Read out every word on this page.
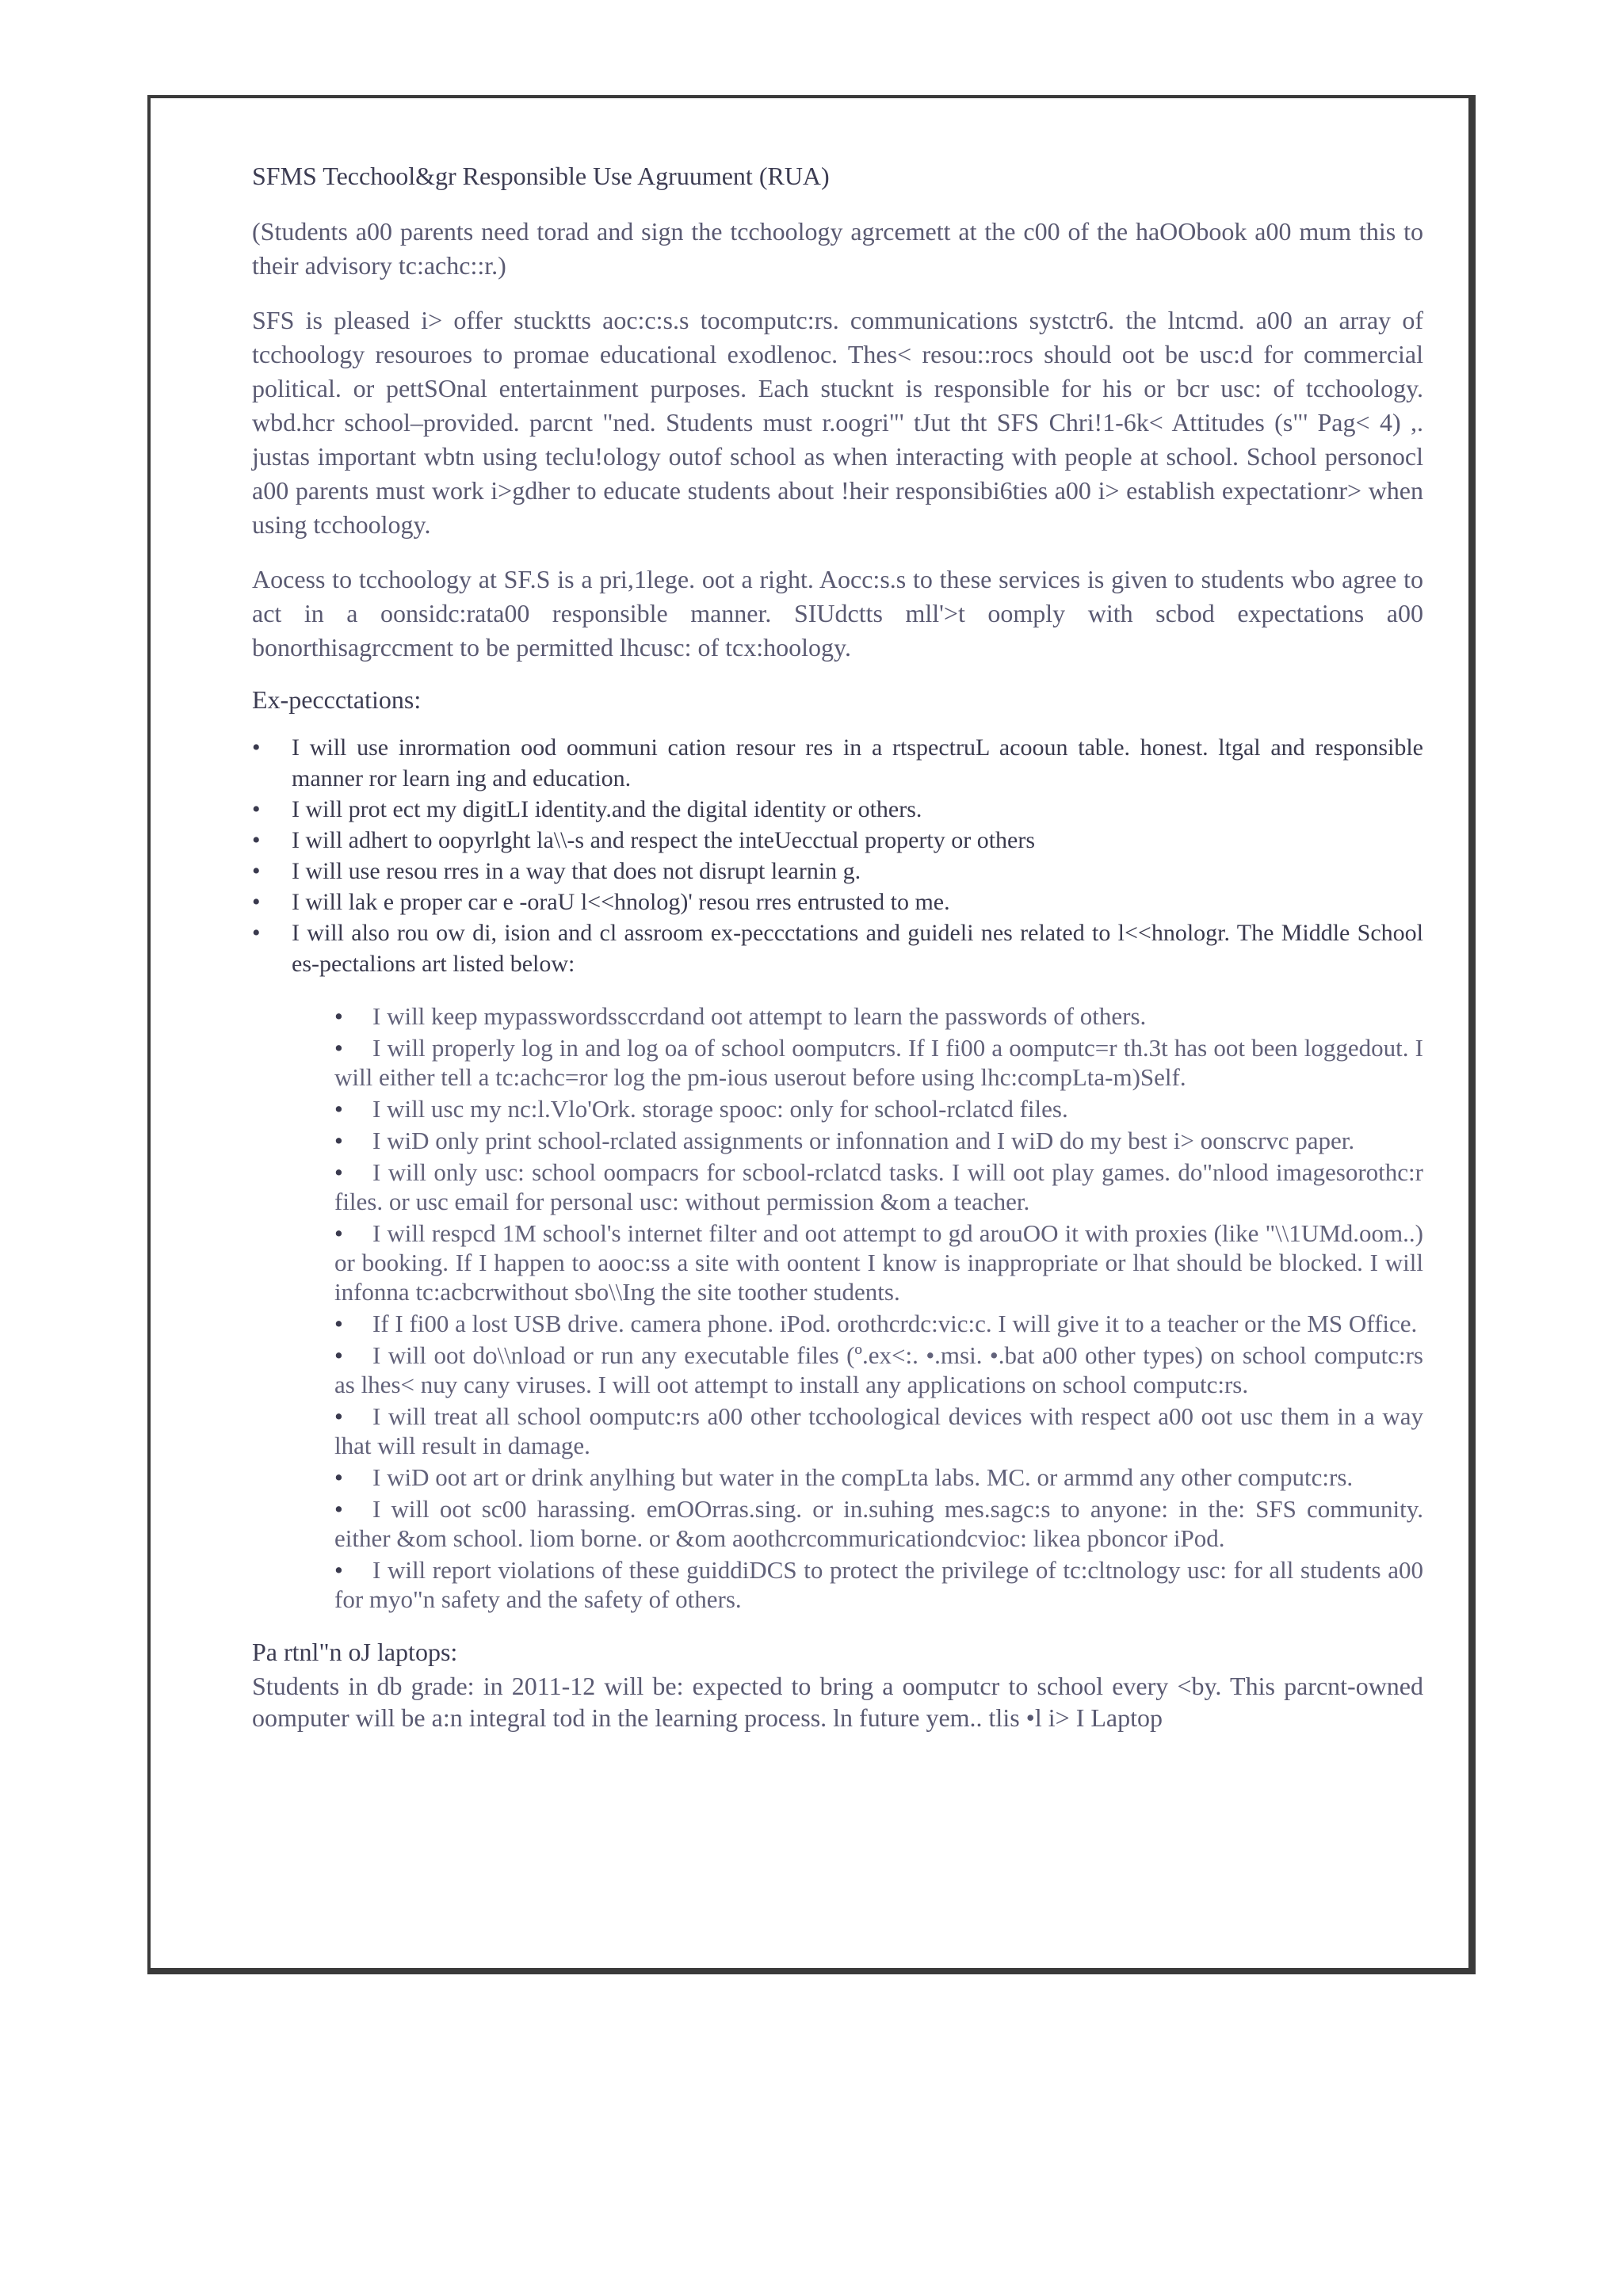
SFMS Tecchool&gr Responsible Use Agruument (RUA)

(Students a00 parents need torad and sign the tcchoology agrcemett at the c00 of the haOObook a00 mum this to their advisory tc:achc::r.)

SFS is pleased i> offer stucktts aoc:c:s.s tocomputc:rs. communications systctr6. the lntcmd. a00 an array of tcchoology resouroes to promae educational exodlenoc. Thes< resou::rocs should oot be usc:d for commercial political. or pettSOnal entertainment purposes. Each stucknt is responsible for his or bcr usc: of tcchoology. wbd.hcr school–provided. parcnt "ned. Students must r.oogri"' tJut tht SFS Chri!1-6k< Attitudes (s"' Pag< 4) ,. justas important wbtn using teclu!ology outof school as when interacting with people at school. School personocl a00 parents must work i>gdher to educate students about !heir responsibi6ties a00 i> establish expectationr> when using tcchoology.

Aocess to tcchoology at SF.S is a pri,1lege. oot a right. Aocc:s.s to these services is given to students wbo agree to act in a oonsidc:rata00 responsible manner. SIUdctts mll'>t oomply with scbod expectations a00 bonorthisagrccment to be permitted lhcusc: of tcx:hoology.

Ex-peccctations:
• I will use inrormation ood oommuni cation resour res in a rtspectruL acooun table. honest. ltgal and responsible manner ror learn ing and education.
• I will prot ect my digitLI identity.and the digital identity or others.
• I will adhert to oopyrlght la\\-s and respect the inteUecctual property or others
• I will use resou rres in a way that does not disrupt learnin g.
• I will lak e proper car e -oraU l<<hnolog)' resou rres entrusted to me.
• I will also rou ow di, ision and cl assroom ex-peccctations and guideli nes related to l<<hnologr. The Middle School es-pectalions art listed below:
• I will keep mypasswordssccrdand oot attempt to learn the passwords of others.
• I will properly log in and log oa of school oomputcrs. If I fi00 a oomputc=r th.3t has oot been loggedout. I will either tell a tc:achc=ror log the pm-ious userout before using lhc:compLta-m)Self.
• I will usc my nc:l.Vlo'Ork. storage spooc: only for school-rclatcd files.
• I wiD only print school-rclated assignments or infonnation and I wiD do my best i> oonscrvc paper.
• I will only usc: school oompacrs for scbool-rclatcd tasks. I will oot play games. do"nlood imagesorothc:r files. or usc email for personal usc: without permission &om a teacher.
• I will respcd 1M school's internet filter and oot attempt to gd arouOO it with proxies (like "\\1UMd.oom..) or booking. If I happen to aooc:ss a site with oontent I know is inappropriate or lhat should be blocked. I will infonna tc:acbcrwithout sbo\\Ing the site toother students.
• If I fi00 a lost USB drive. camera phone. iPod. orothcrdc:vic:c. I will give it to a teacher or the MS Office.
• I will oot do\\nload or run any executable files (º.ex<:. •.msi. •.bat a00 other types) on school computc:rs as lhes< nuy cany viruses. I will oot attempt to install any applications on school computc:rs.
• I will treat all school oomputc:rs a00 other tcchoological devices with respect a00 oot usc them in a way lhat will result in damage.
• I wiD oot art or drink anylhing but water in the compLta labs. MC. or armmd any other computc:rs.
• I will oot sc00 harassing. emOOrras.sing. or in.suhing mes.sagc:s to anyone: in the: SFS community. either &om school. liom borne. or &om aoothcrcommuricationdcvioc: likea pboncor iPod.
• I will report violations of these guiddiDCS to protect the privilege of tc:cltnology usc: for all students a00 for myo"n safety and the safety of others.
Pa rtnl"n oJ laptops:

Students in db grade: in 2011-12 will be: expected to bring a oomputcr to school every <by. This parcnt-owned oomputer will be a:n integral tod in the learning process. ln future yem.. tlis •l i> I Laptop
